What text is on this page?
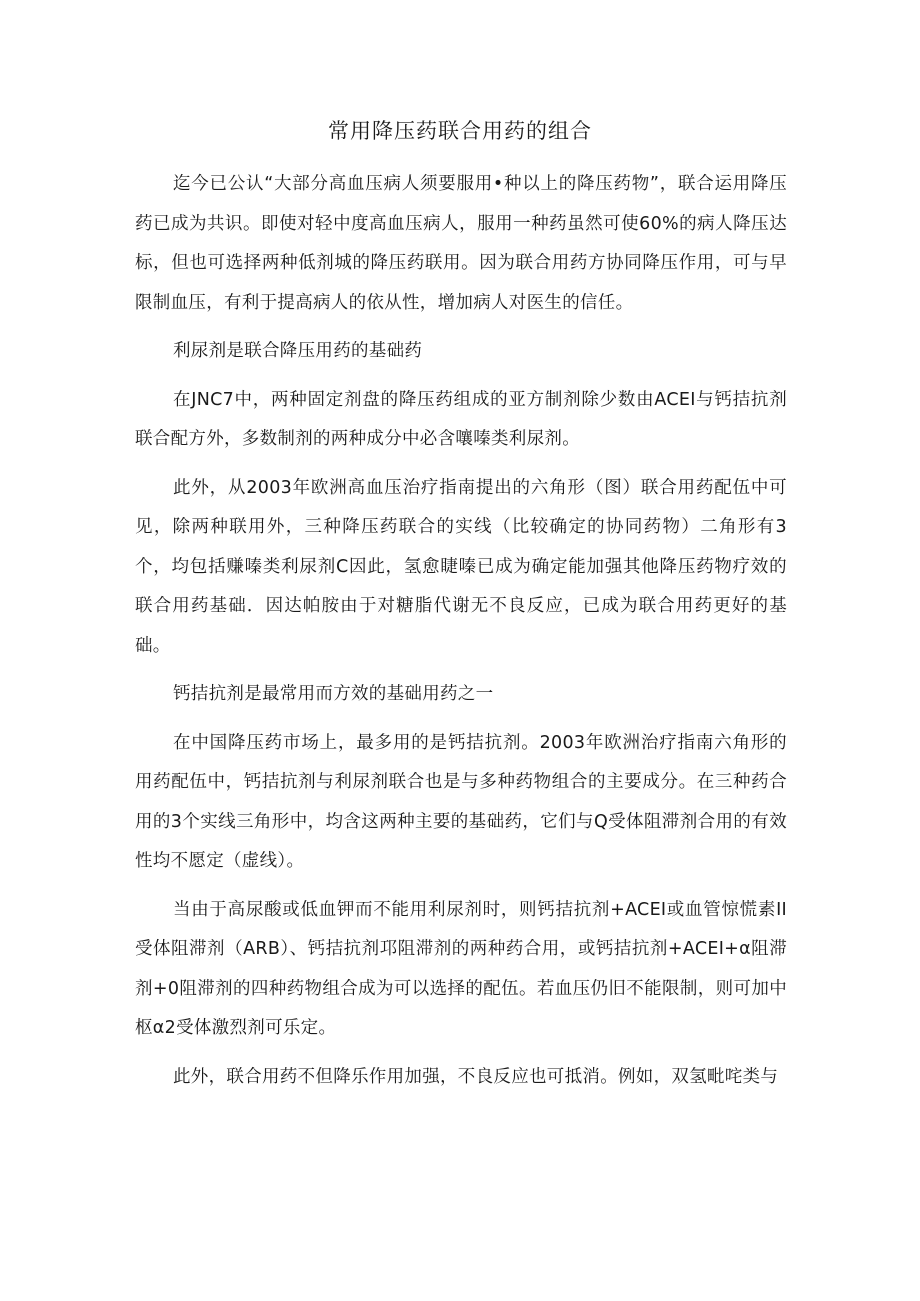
常用降压药联合用药的组合

迄今已公认“大部分高血压病人须要服用•种以上的降压药物”，联合运用降压药已成为共识。即使对轻中度高血压病人，服用一种药虽然可使60%的病人降压达标，但也可选择两种低剂城的降压药联用。因为联合用药方协同降压作用，可与早限制血压，有利于提高病人的依从性，增加病人对医生的信任。

利尿剂是联合降压用药的基础药

在JNC7中，两种固定剂盘的降压药组成的亚方制剂除少数由ACEI与钙拮抗剂联合配方外，多数制剂的两种成分中必含嚷嗪类利尿剂。

此外，从2003年欧洲高血压治疗指南提出的六角形（图）联合用药配伍中可见，除两种联用外，三种降压药联合的实线（比较确定的协同药物）二角形有3个，均包括赚嗪类利尿剂C因此，氢愈睫嗪已成为确定能加强其他降压药物疗效的联合用药基础．因达帕胺由于对糖脂代谢无不良反应，已成为联合用药更好的基础。

钙拮抗剂是最常用而方效的基础用药之一

在中国降压药市场上，最多用的是钙拮抗剂。2003年欧洲治疗指南六角形的用药配伍中，钙拮抗剂与利尿剂联合也是与多种药物组合的主要成分。在三种药合用的3个实线三角形中，均含这两种主要的基础药，它们与Q受体阻滞剂合用的有效性均不愿定（虚线）。

当由于高尿酸或低血钾而不能用利尿剂时，则钙拮抗剂+ACEI或血管惊慌素II受体阻滞剂（ARB）、钙拮抗剂邛阻滞剂的两种药合用，或钙拮抗剂+ACEI+α阻滞剂+0阻滞剂的四种药物组合成为可以选择的配伍。若血压仍旧不能限制，则可加中枢α2受体激烈剂可乐定。

此外，联合用药不但降乐作用加强，不良反应也可抵消。例如，双氢毗咤类与
